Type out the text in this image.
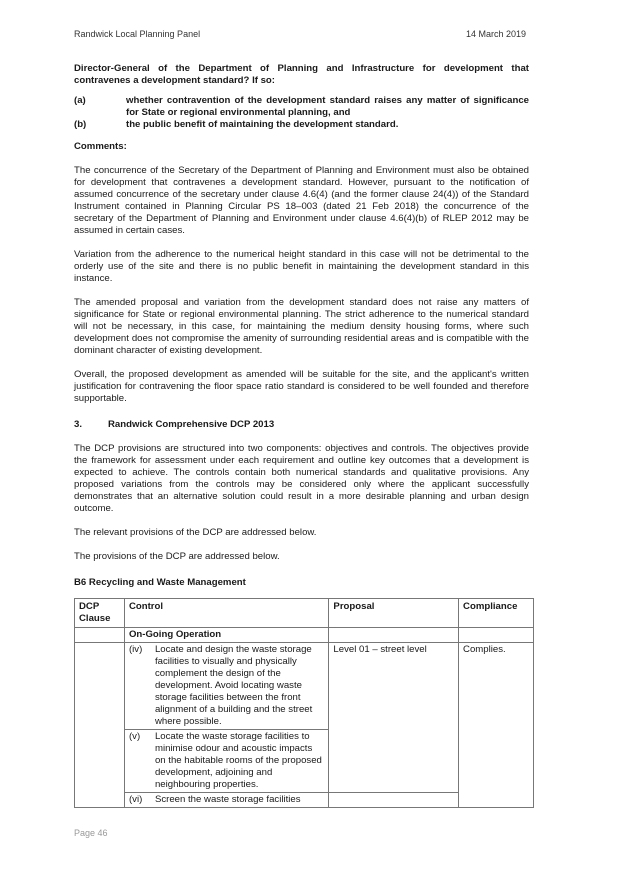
Randwick Local Planning Panel	14 March 2019

Director-General of the Department of Planning and Infrastructure for development that contravenes a development standard? If so:

(a)	whether contravention of the development standard raises any matter of significance for State or regional environmental planning, and
(b)	the public benefit of maintaining the development standard.
Comments:

The concurrence of the Secretary of the Department of Planning and Environment must also be obtained for development that contravenes a development standard. However, pursuant to the notification of assumed concurrence of the secretary under clause 4.6(4) (and the former clause 24(4)) of the Standard Instrument contained in Planning Circular PS 18–003 (dated 21 Feb 2018) the concurrence of the secretary of the Department of Planning and Environment under clause 4.6(4)(b) of RLEP 2012 may be assumed in certain cases.

Variation from the adherence to the numerical height standard in this case will not be detrimental to the orderly use of the site and there is no public benefit in maintaining the development standard in this instance.

The amended proposal and variation from the development standard does not raise any matters of significance for State or regional environmental planning. The strict adherence to the numerical standard will not be necessary, in this case, for maintaining the medium density housing forms, where such development does not compromise the amenity of surrounding residential areas and is compatible with the dominant character of existing development.

Overall, the proposed development as amended will be suitable for the site, and the applicant's written justification for contravening the floor space ratio standard is considered to be well founded and therefore supportable.

3.	Randwick Comprehensive DCP 2013

The DCP provisions are structured into two components: objectives and controls. The objectives provide the framework for assessment under each requirement and outline key outcomes that a development is expected to achieve. The controls contain both numerical standards and qualitative provisions. Any proposed variations from the controls may be considered only where the applicant successfully demonstrates that an alternative solution could result in a more desirable planning and urban design outcome.

The relevant provisions of the DCP are addressed below.

The provisions of the DCP are addressed below.

B6 Recycling and Waste Management
DCP Clause	Control	Proposal	Compliance
	On-Going Operation		

	(iv) Locate and design the waste storage facilities to visually and physically complement the design of the development. Avoid locating waste storage facilities between the front alignment of a building and the street where possible.	Level 01 – street level	Complies.

	(v) Locate the waste storage facilities to minimise odour and acoustic impacts on the habitable rooms of the proposed development, adjoining and neighbouring properties.		

	(vi) Screen the waste storage facilities		

Page 46
